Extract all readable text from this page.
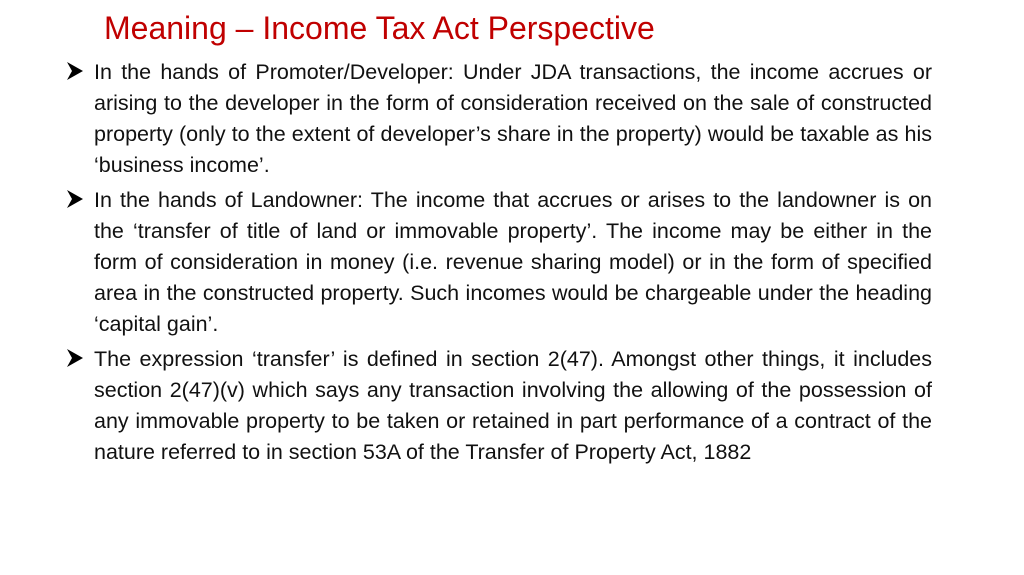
Meaning – Income Tax Act Perspective
In the hands of Promoter/Developer: Under JDA transactions, the income accrues or arising to the developer in the form of consideration received on the sale of constructed property (only to the extent of developer’s share in the property) would be taxable as his ‘business income’.
In the hands of Landowner: The income that accrues or arises to the landowner is on the ‘transfer of title of land or immovable property’. The income may be either in the form of consideration in money (i.e. revenue sharing model) or in the form of specified area in the constructed property. Such incomes would be chargeable under the heading ‘capital gain’.
The expression ‘transfer’ is defined in section 2(47). Amongst other things, it includes section 2(47)(v) which says any transaction involving the allowing of the possession of any immovable property to be taken or retained in part performance of a contract of the nature referred to in section 53A of the Transfer of Property Act, 1882
